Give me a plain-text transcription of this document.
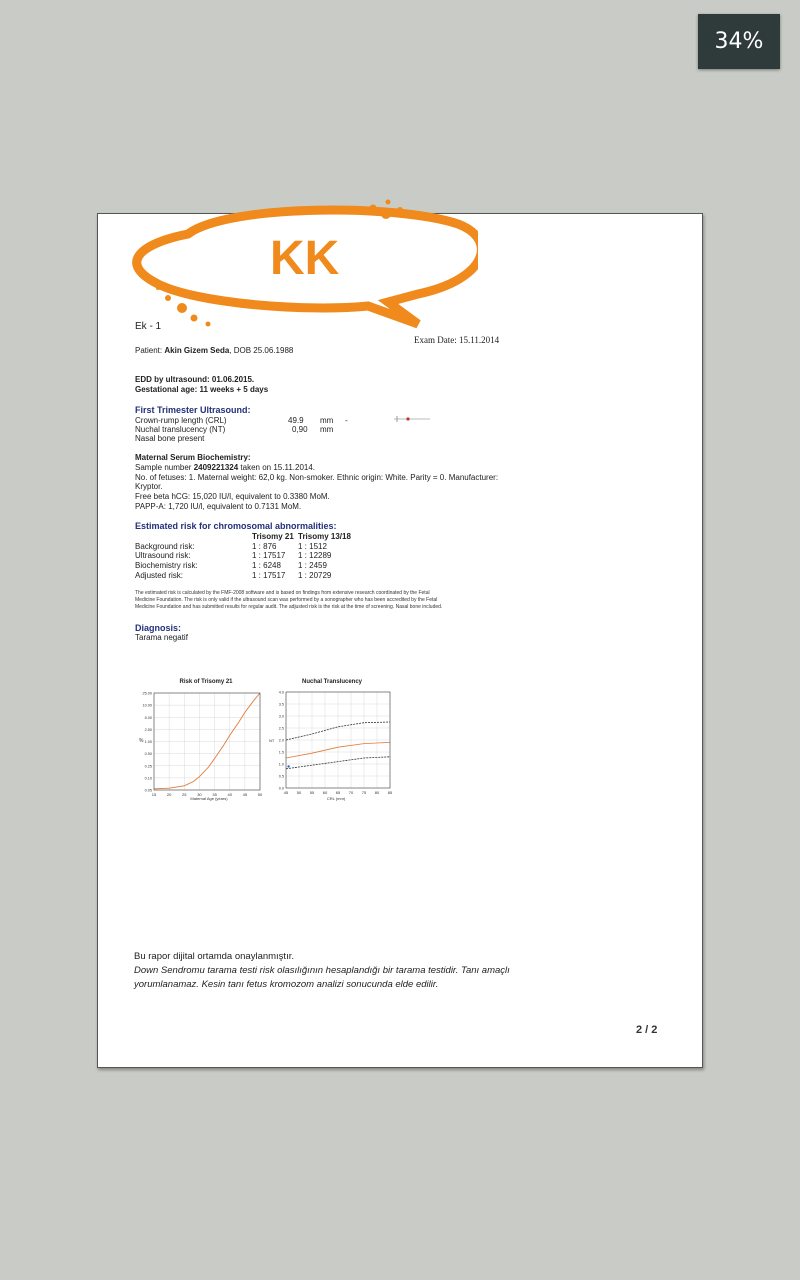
34%
KK
Ek - 1
Exam Date: 15.11.2014
Patient: Akin Gizem Seda, DOB 25.06.1988
EDD by ultrasound: 01.06.2015.
Gestational age: 11 weeks + 5 days
First Trimester Ultrasound:
Crown-rump length (CRL)	49.9 mm -
Nuchal translucency (NT)	0,90 mm
Nasal bone present
Maternal Serum Biochemistry:
Sample number 2409221324 taken on 15.11.2014.
No. of fetuses: 1. Maternal weight: 62,0 kg. Non-smoker. Ethnic origin: White. Parity = 0. Manufacturer:
Kryptor.
Free beta hCG: 15,020 IU/l, equivalent to 0.3380 MoM.
PAPP-A: 1,720 IU/l, equivalent to 0.7131 MoM.
Estimated risk for chromosomal abnormalities:
Trisomy 21 Trisomy 13/18
Background risk:	1 : 876	1 : 1512
Ultrasound risk:	1 : 17517 1 : 12289
Biochemistry risk:	1 : 6248 1 : 2459
Adjusted risk:	1 : 17517 1 : 20729
The estimated risk is calculated by the FMF-2008 software and is based on findings from extensive research coordinated by the Fetal
Medicine Foundation. The risk is only valid if the ultrasound scan was performed by a sonographer who has been accredited by the Fetal
Medicine Foundation and has submitted results for regular audit. The adjusted risk is the risk at the time of screening. Nasal bone included.
Diagnosis:
Tarama negatif
Risk of Trisomy 21
%
Maternal Age (years)
25.00
10.00
5.00
2.50
1.00
0.50
0.25
0.10
0.05
15	20	25	30	35	40	45	50
Nuchal Translucency
NT
CRL (mm)
0.0
0.5
1.0
1.5
2.0
2.5
3.0
3.5
4.0
45 50 55 60 65 70 75 80 85
Bu rapor dijital ortamda onaylanmıştır.
Down Sendromu tarama testi risk olasılığının hesaplandığı bir tarama testidir. Tanı amaçlı
yorumlanamaz. Kesin tanı fetus kromozom analizi sonucunda elde edilir.
2 / 2
